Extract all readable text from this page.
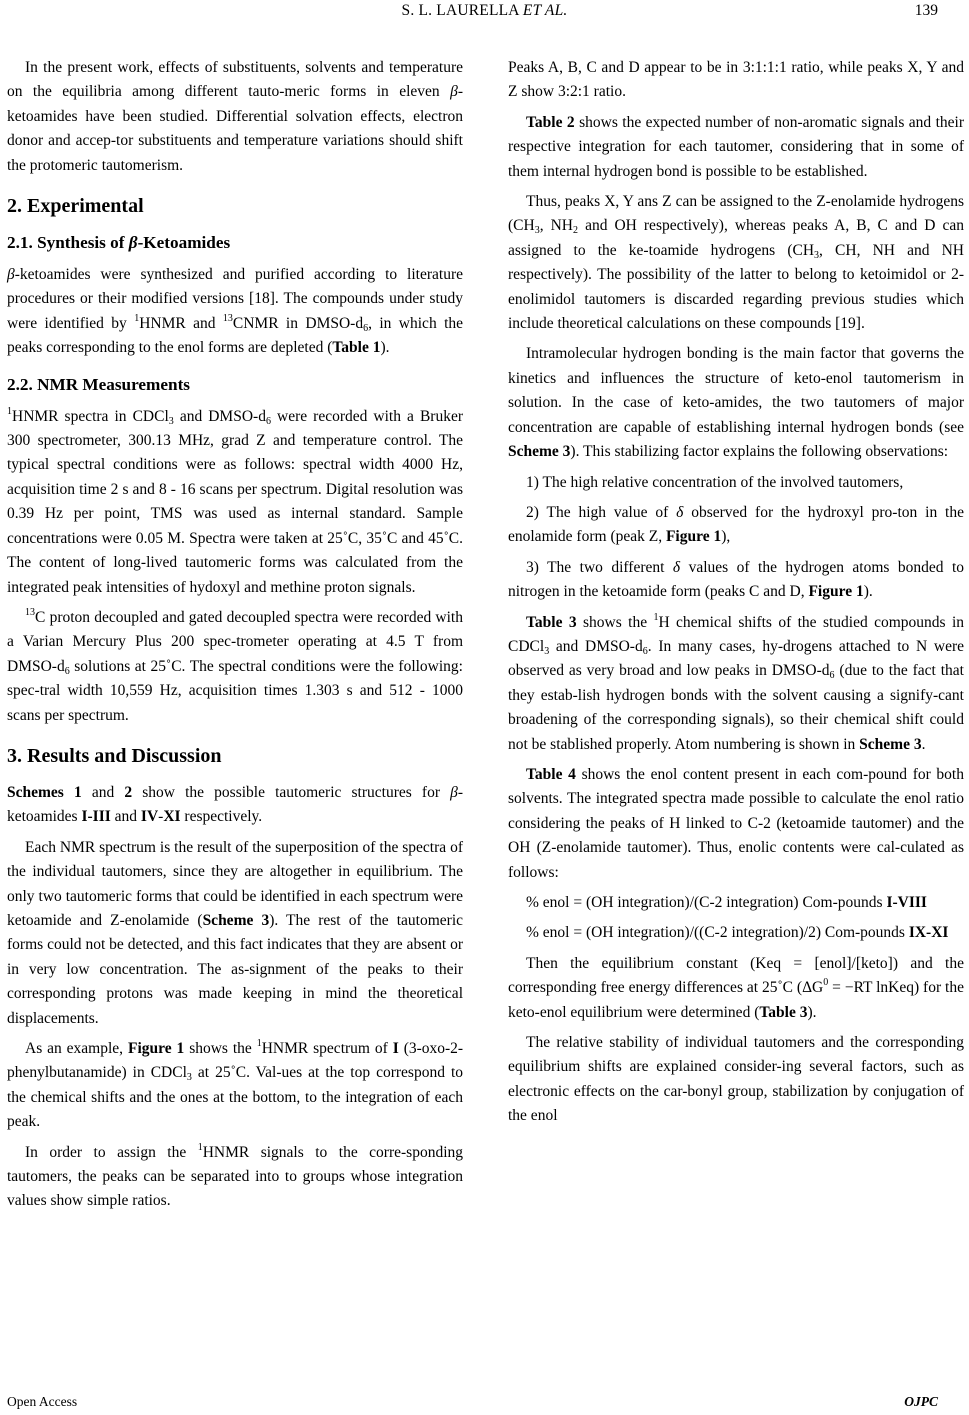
S. L. LAURELLA ET AL.	139

In the present work, effects of substituents, solvents and temperature on the equilibria among different tauto-meric forms in eleven β-ketoamides have been studied. Differential solvation effects, electron donor and accep-tor substituents and temperature variations should shift the protomeric tautomerism.

2. Experimental
2.1. Synthesis of β-Ketoamides

β-ketoamides were synthesized and purified according to literature procedures or their modified versions [18]. The compounds under study were identified by $^1$HNMR and $^{13}$CNMR in DMSO-$d_6$, in which the peaks corresponding to the enol forms are depleted (Table 1).

2.2. NMR Measurements

$^1$HNMR spectra in CDCl$_3$ and DMSO-$d_6$ were recorded with a Bruker 300 spectrometer, 300.13 MHz, grad Z and temperature control. The typical spectral conditions were as follows: spectral width 4000 Hz, acquisition time 2 s and 8 - 16 scans per spectrum. Digital resolution was 0.39 Hz per point, TMS was used as internal standard. Sample concentrations were 0.05 M. Spectra were taken at 25˚C, 35˚C and 45˚C. The content of long-lived tautomeric forms was calculated from the integrated peak intensities of hydoxyl and methine proton signals.

$^{13}$C proton decoupled and gated decoupled spectra were recorded with a Varian Mercury Plus 200 spec-trometer operating at 4.5 T from DMSO-$d_6$ solutions at 25˚C. The spectral conditions were the following: spec-tral width 10,559 Hz, acquisition times 1.303 s and 512 - 1000 scans per spectrum.

3. Results and Discussion

Schemes 1 and 2 show the possible tautomeric structures for β-ketoamides I-III and IV-XI respectively.

Each NMR spectrum is the result of the superposition of the spectra of the individual tautomers, since they are altogether in equilibrium. The only two tautomeric forms that could be identified in each spectrum were ketoamide and Z-enolamide (Scheme 3). The rest of the tautomeric forms could not be detected, and this fact indicates that they are absent or in very low concentration. The as-signment of the peaks to their corresponding protons was made keeping in mind the theoretical displacements.

As an example, Figure 1 shows the $^1$HNMR spectrum of I (3-oxo-2-phenylbutanamide) in CDCl$_3$ at 25˚C. Val-ues at the top correspond to the chemical shifts and the ones at the bottom, to the integration of each peak.

In order to assign the $^1$HNMR signals to the corre-sponding tautomers, the peaks can be separated into to groups whose integration values show simple ratios.

Peaks A, B, C and D appear to be in 3:1:1:1 ratio, while peaks X, Y and Z show 3:2:1 ratio.

Table 2 shows the expected number of non-aromatic signals and their respective integration for each tautomer, considering that in some of them internal hydrogen bond is possible to be established.

Thus, peaks X, Y ans Z can be assigned to the Z-enolamide hydrogens ($CH_3$, $NH_2$ and OH respectively), whereas peaks A, B, C and D can assigned to the ke-toamide hydrogens ($CH_3$, CH, NH and NH respectively). The possibility of the latter to belong to ketoimidol or 2-enolimidol tautomers is discarded regarding previous studies which include theoretical calculations on these compounds [19].

Intramolecular hydrogen bonding is the main factor that governs the kinetics and influences the structure of keto-enol tautomerism in solution. In the case of keto-amides, the two tautomers of major concentration are capable of establishing internal hydrogen bonds (see Scheme 3). This stabilizing factor explains the following observations:

1) The high relative concentration of the involved tautomers,

2) The high value of δ observed for the hydroxyl pro-ton in the enolamide form (peak Z, Figure 1),

3) The two different δ values of the hydrogen atoms bonded to nitrogen in the ketoamide form (peaks C and D, Figure 1).

Table 3 shows the $^1$H chemical shifts of the studied compounds in CDCl$_3$ and DMSO-$d_6$. In many cases, hy-drogens attached to N were observed as very broad and low peaks in DMSO-$d_6$ (due to the fact that they estab-lish hydrogen bonds with the solvent causing a signify-cant broadening of the corresponding signals), so their chemical shift could not be stablished properly. Atom numbering is shown in Scheme 3.

Table 4 shows the enol content present in each com-pound for both solvents. The integrated spectra made possible to calculate the enol ratio considering the peaks of H linked to C-2 (ketoamide tautomer) and the OH (Z-enolamide tautomer). Thus, enolic contents were cal-culated as follows:

% enol = (OH integration)/(C-2 integration) Com-pounds I-VIII

% enol = (OH integration)/((C-2 integration)/2) Com-pounds IX-XI

Then the equilibrium constant (Keq = [enol]/[keto]) and the corresponding free energy differences at 25˚C ($\Delta G^0 = -RT$ lnKeq) for the keto-enol equilibrium were determined (Table 3).

The relative stability of individual tautomers and the corresponding equilibrium shifts are explained consider-ing several factors, such as electronic effects on the car-bonyl group, stabilization by conjugation of the enol

Open Access	OJPC
